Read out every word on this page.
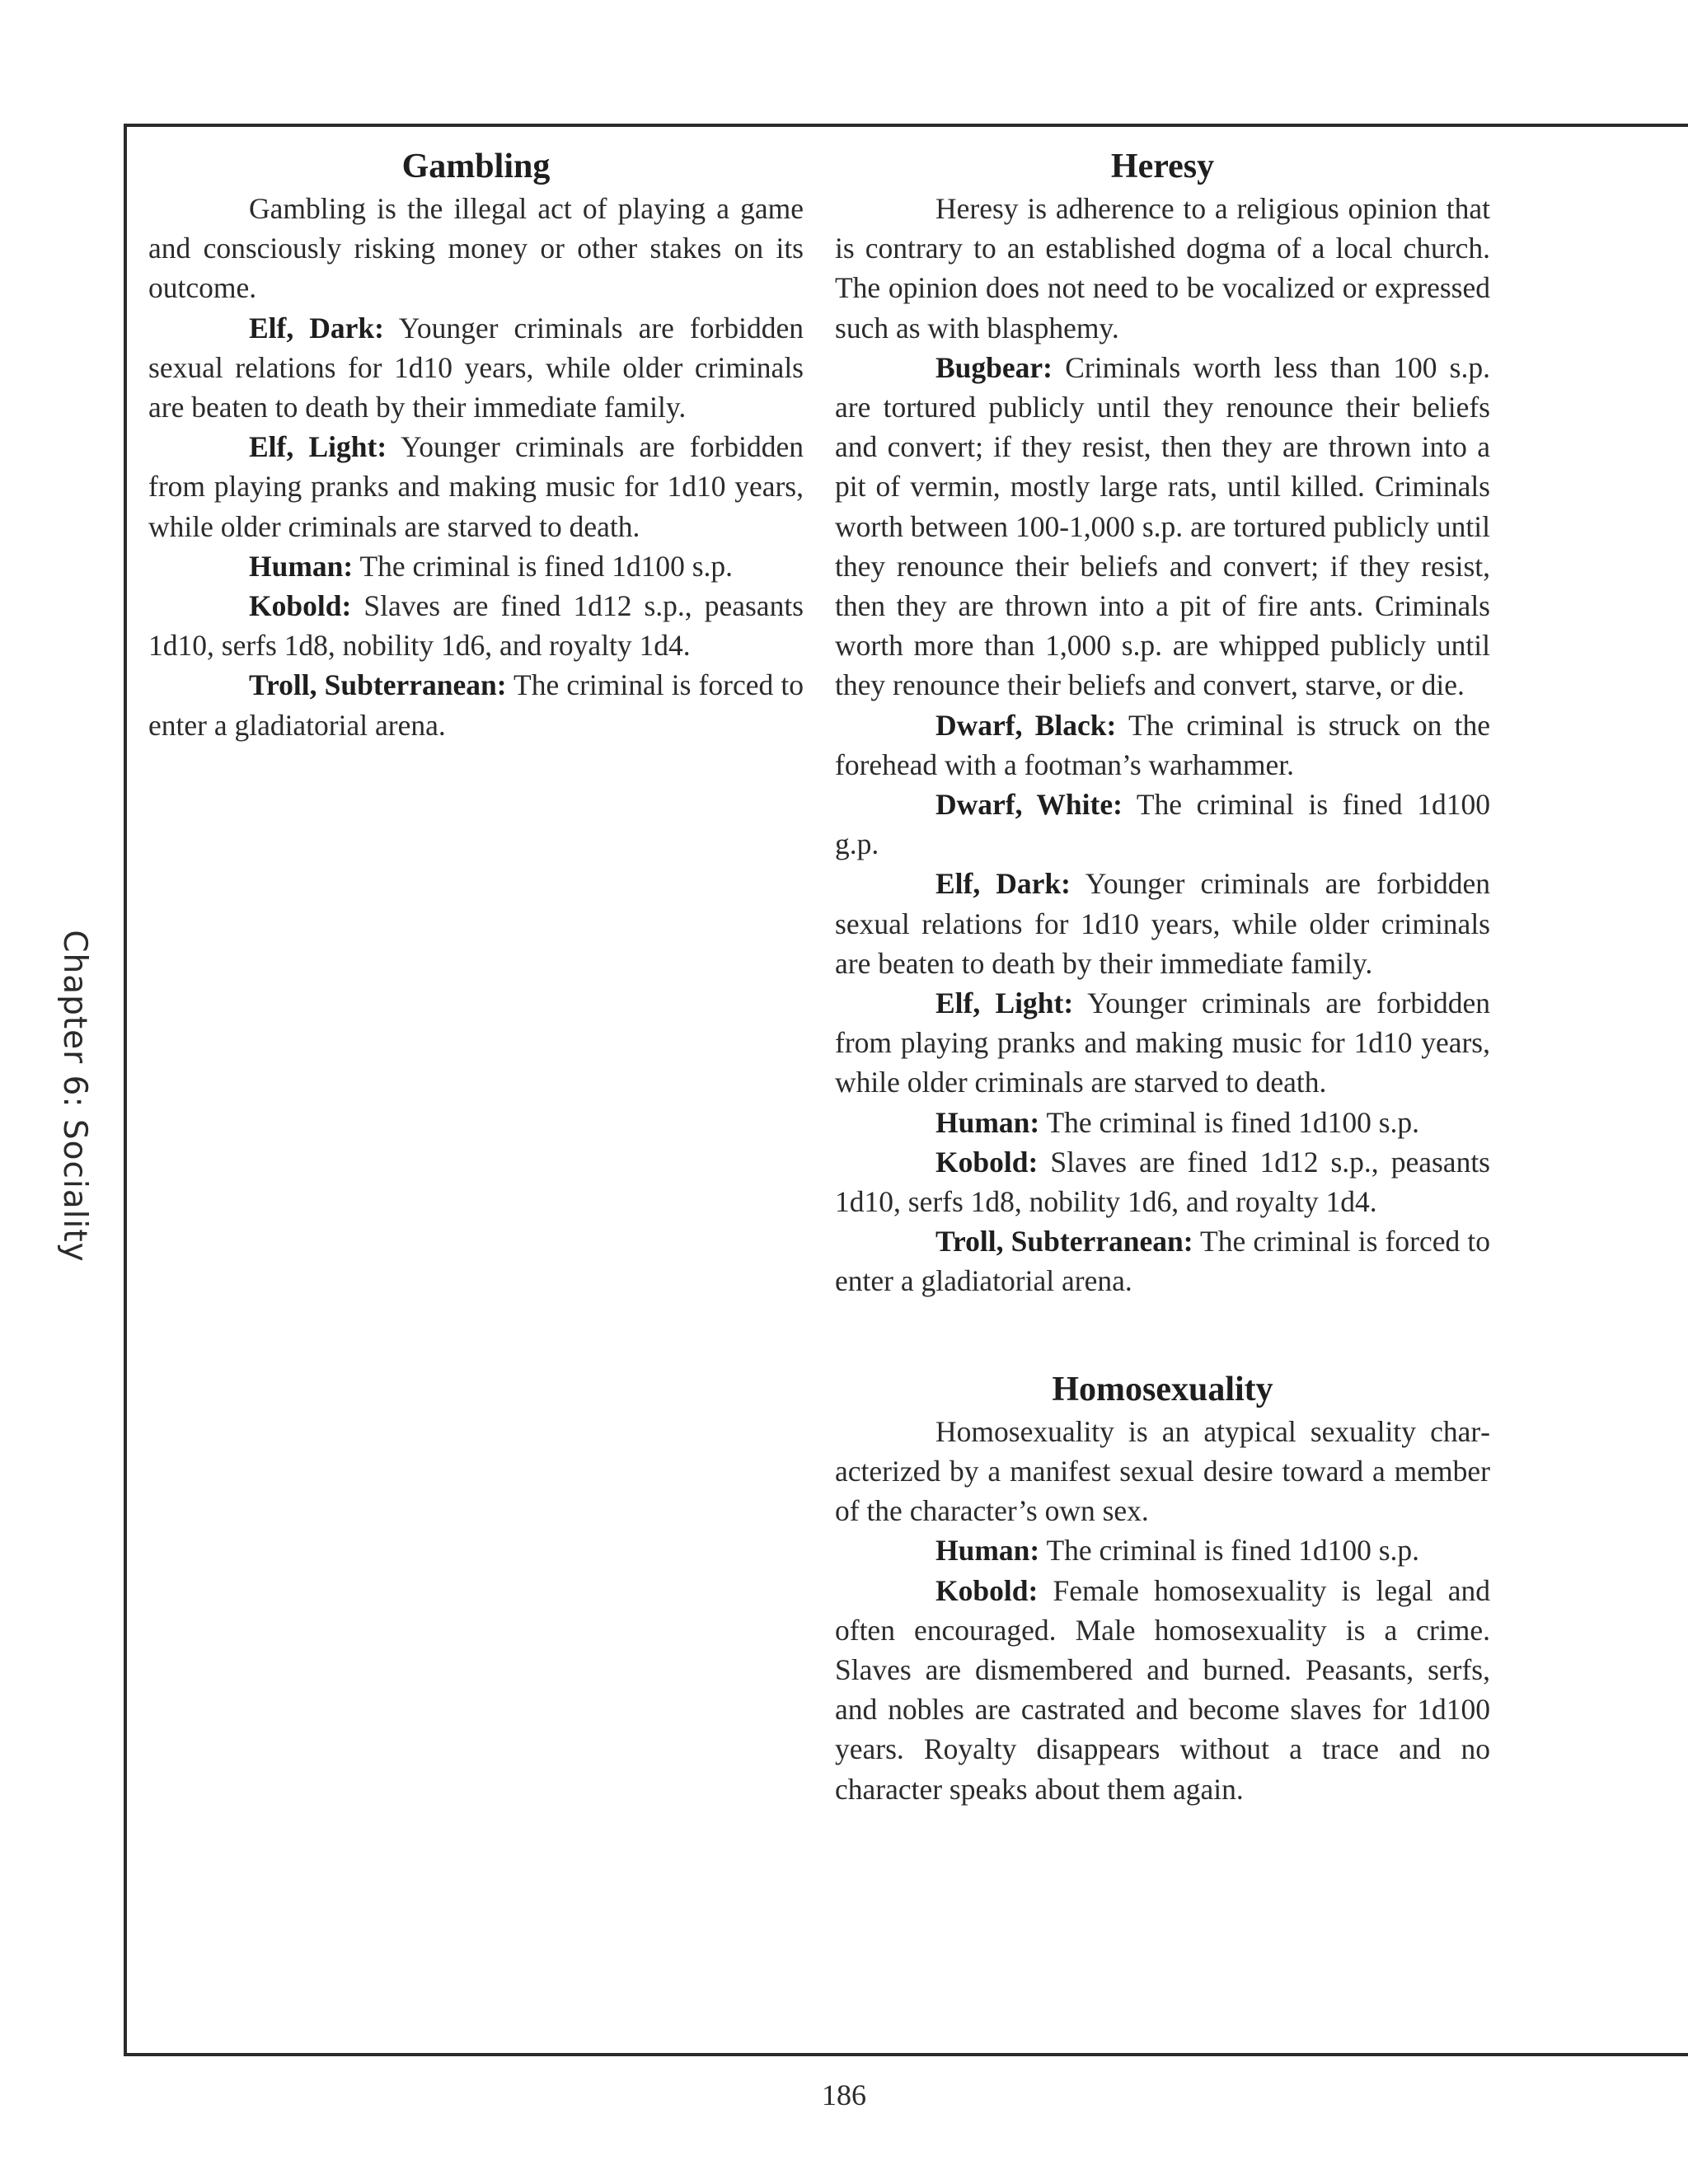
Chapter 6: Sociality
Gambling

Gambling is the illegal act of playing a game and consciously risking money or other stakes on its outcome.

Elf, Dark: Younger criminals are forbidden sexual relations for 1d10 years, while older criminals are beaten to death by their immediate family.

Elf, Light: Younger criminals are forbidden from playing pranks and making music for 1d10 years, while older criminals are starved to death.

Human: The criminal is fined 1d100 s.p.

Kobold: Slaves are fined 1d12 s.p., peasants 1d10, serfs 1d8, nobility 1d6, and royalty 1d4.

Troll, Subterranean: The criminal is forced to enter a gladiatorial arena.

Heresy

Heresy is adherence to a religious opinion that is contrary to an established dogma of a local church. The opinion does not need to be vocalized or expressed such as with blasphemy.

Bugbear: Criminals worth less than 100 s.p. are tortured publicly until they renounce their beliefs and convert; if they resist, then they are thrown into a pit of vermin, mostly large rats, until killed. Criminals worth between 100-1,000 s.p. are tortured publicly until they renounce their beliefs and convert; if they resist, then they are thrown into a pit of fire ants. Criminals worth more than 1,000 s.p. are whipped publicly until they renounce their beliefs and convert, starve, or die.

Dwarf, Black: The criminal is struck on the forehead with a footman’s warhammer.

Dwarf, White: The criminal is fined 1d100 g.p.

Elf, Dark: Younger criminals are forbidden sexual relations for 1d10 years, while older criminals are beaten to death by their immediate family.

Elf, Light: Younger criminals are forbidden from playing pranks and making music for 1d10 years, while older criminals are starved to death.

Human: The criminal is fined 1d100 s.p.

Kobold: Slaves are fined 1d12 s.p., peasants 1d10, serfs 1d8, nobility 1d6, and royalty 1d4.

Troll, Subterranean: The criminal is forced to enter a gladiatorial arena.

Homosexuality

Homosexuality is an atypical sexuality characterized by a manifest sexual desire toward a member of the character’s own sex.

Human: The criminal is fined 1d100 s.p.

Kobold: Female homosexuality is legal and often encouraged. Male homosexuality is a crime. Slaves are dismembered and burned. Peasants, serfs, and nobles are castrated and become slaves for 1d100 years. Royalty disappears without a trace and no character speaks about them again.

186
